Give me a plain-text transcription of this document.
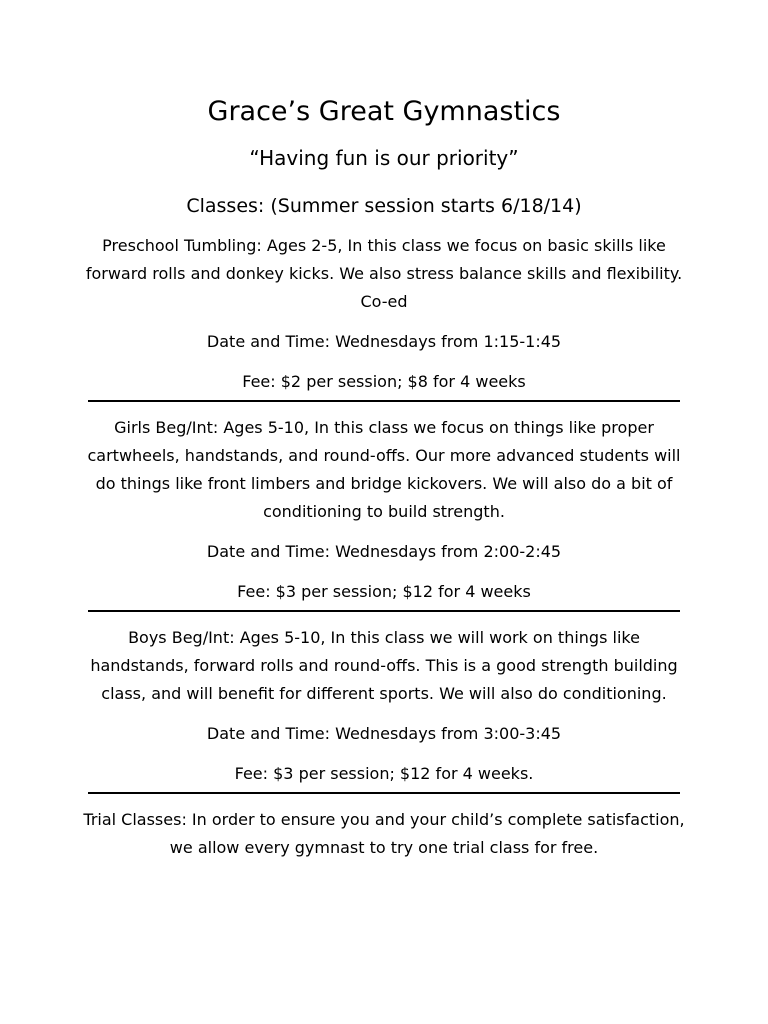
Grace’s Great Gymnastics
“Having fun is our priority”
Classes: (Summer session starts 6/18/14)
Preschool Tumbling: Ages 2-5, In this class we focus on basic skills like forward rolls and donkey kicks. We also stress balance skills and flexibility. Co-ed
Date and Time: Wednesdays from 1:15-1:45
Fee: $2 per session; $8 for 4 weeks
Girls Beg/Int: Ages 5-10, In this class we focus on things like proper cartwheels, handstands, and round-offs. Our more advanced students will do things like front limbers and bridge kickovers. We will also do a bit of conditioning to build strength.
Date and Time: Wednesdays from 2:00-2:45
Fee: $3 per session; $12 for 4 weeks
Boys Beg/Int: Ages 5-10, In this class we will work on things like handstands, forward rolls and round-offs. This is a good strength building class, and will benefit for different sports. We will also do conditioning.
Date and Time: Wednesdays from 3:00-3:45
Fee: $3 per session; $12 for 4 weeks.
Trial Classes: In order to ensure you and your child’s complete satisfaction, we allow every gymnast to try one trial class for free.
